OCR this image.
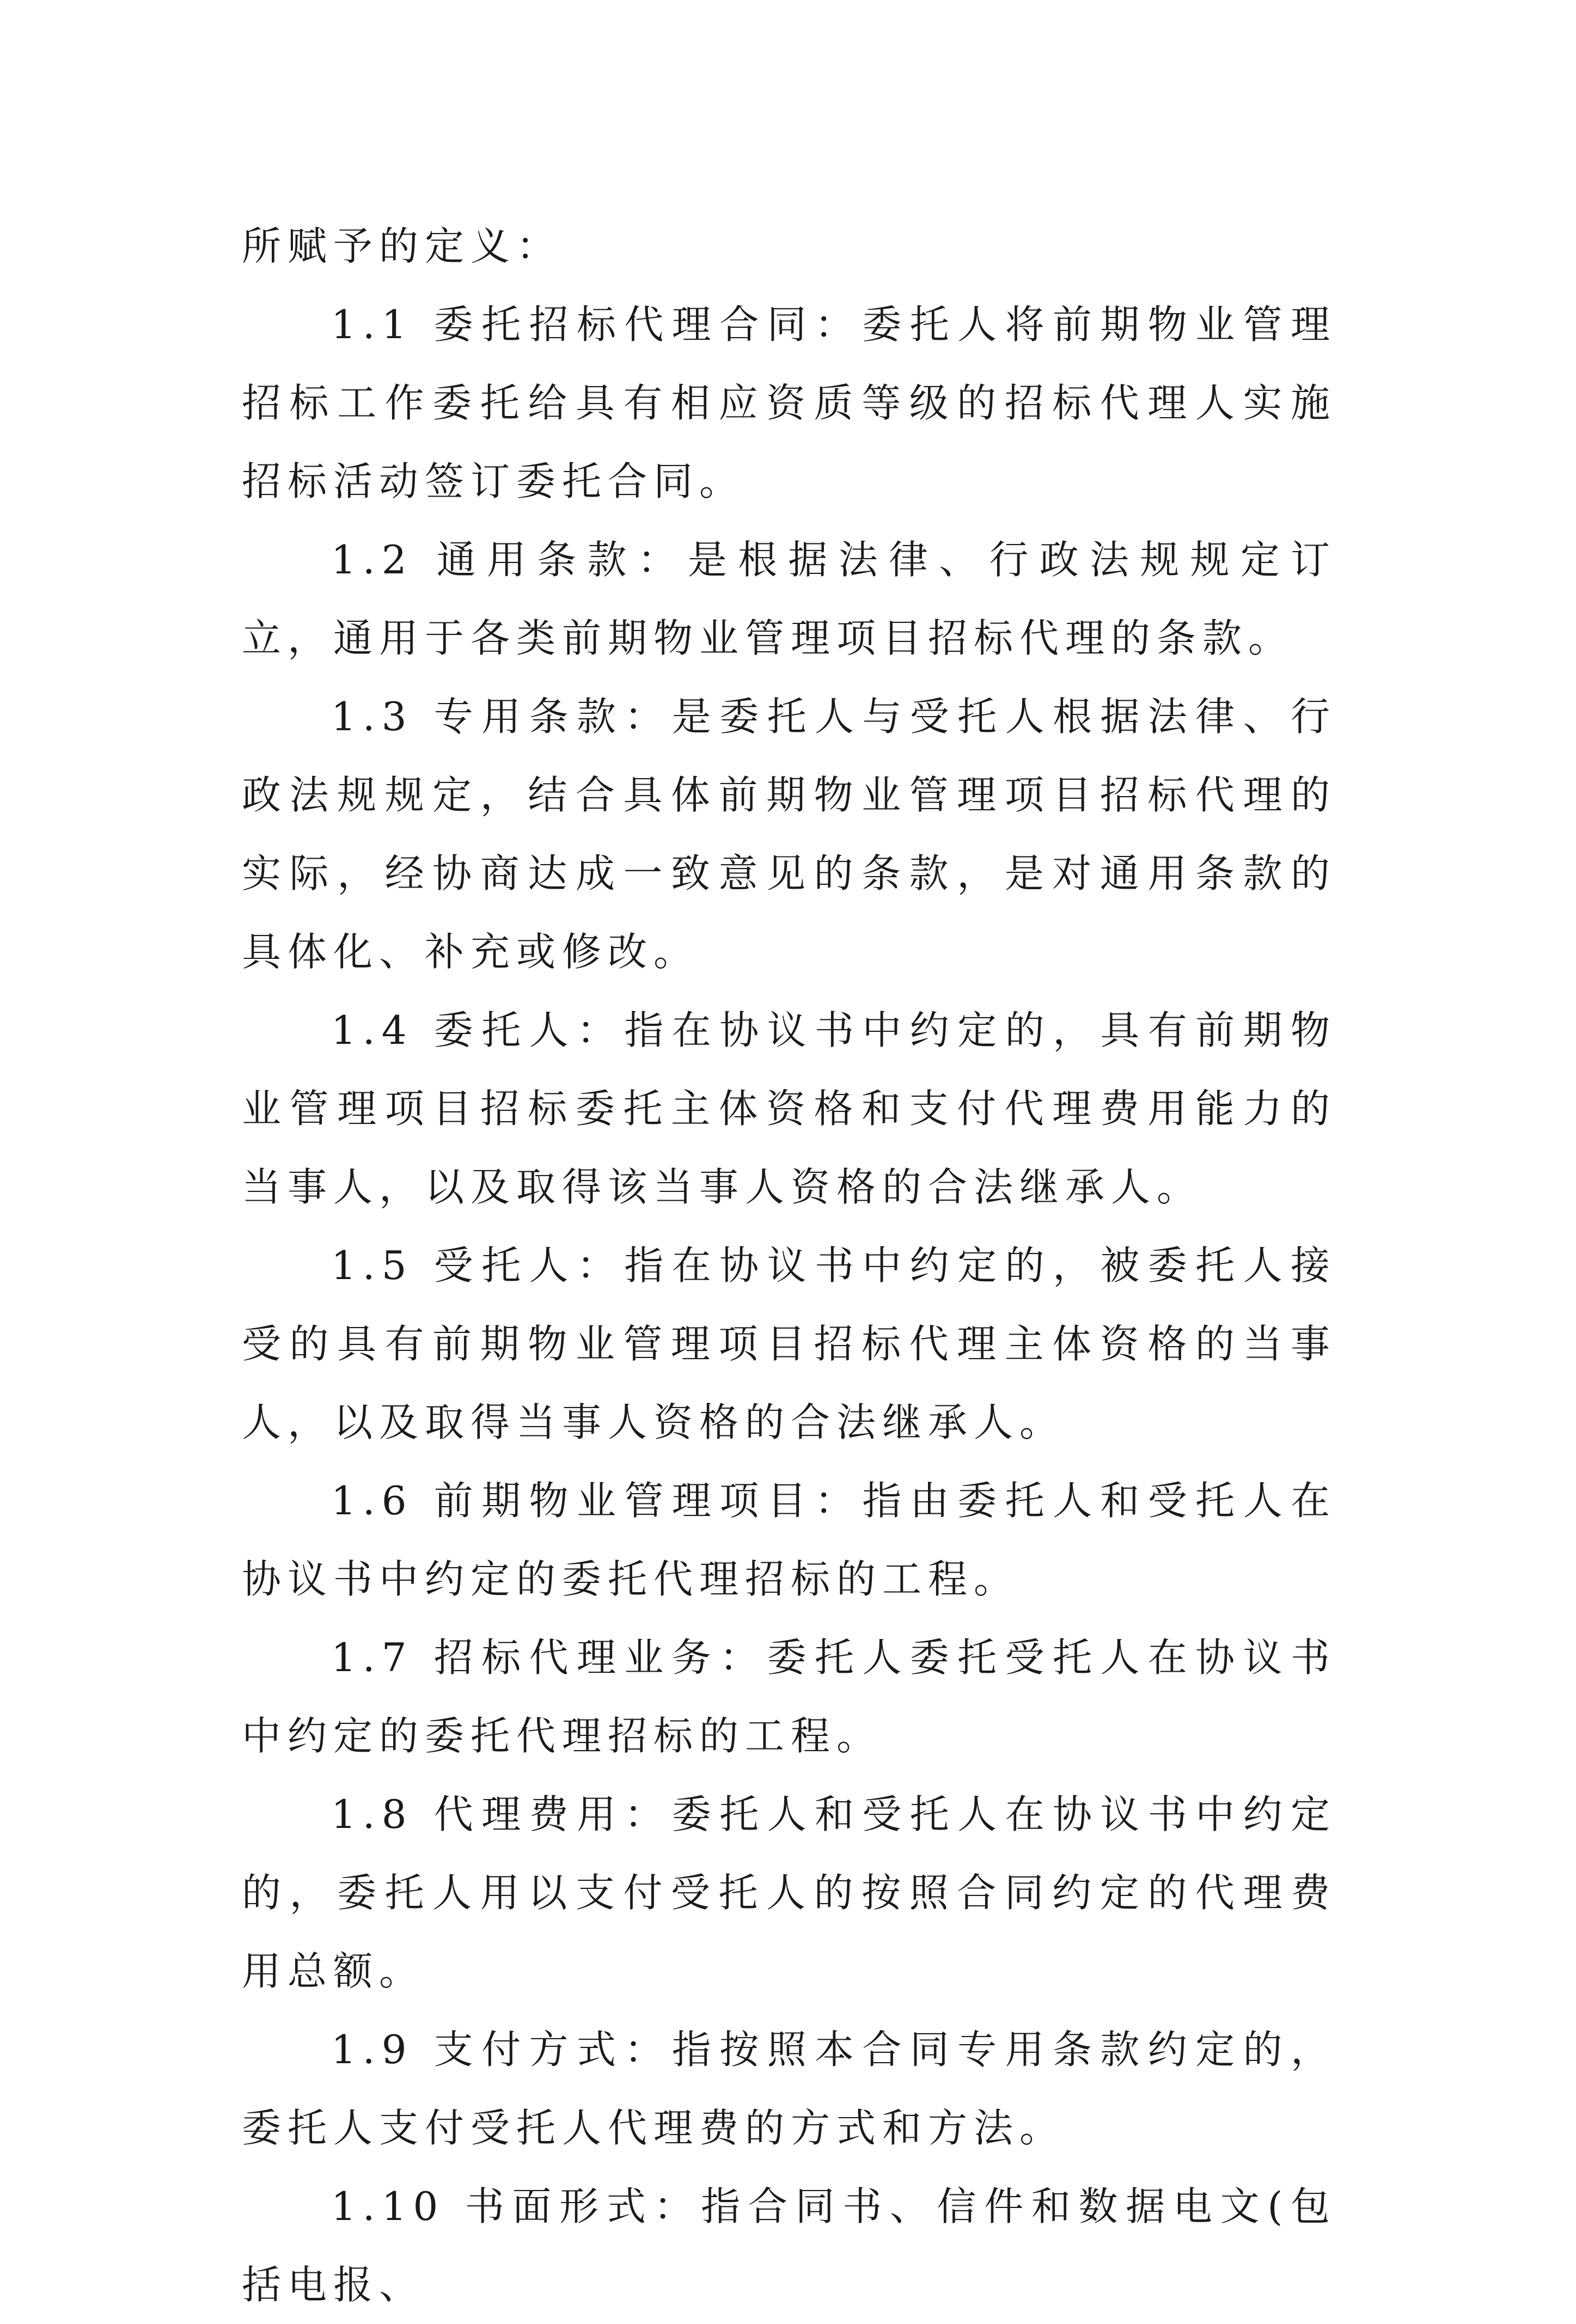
所赋予的定义：

1.1 委托招标代理合同：委托人将前期物业管理招标工作委托给具有相应资质等级的招标代理人实施招标活动签订委托合同。

1.2 通用条款：是根据法律、行政法规规定订立，通用于各类前期物业管理项目招标代理的条款。

1.3 专用条款：是委托人与受托人根据法律、行政法规规定，结合具体前期物业管理项目招标代理的实际，经协商达成一致意见的条款，是对通用条款的具体化、补充或修改。

1.4 委托人：指在协议书中约定的，具有前期物业管理项目招标委托主体资格和支付代理费用能力的当事人，以及取得该当事人资格的合法继承人。

1.5 受托人：指在协议书中约定的，被委托人接受的具有前期物业管理项目招标代理主体资格的当事人，以及取得当事人资格的合法继承人。

1.6 前期物业管理项目：指由委托人和受托人在协议书中约定的委托代理招标的工程。

1.7 招标代理业务：委托人委托受托人在协议书中约定的委托代理招标的工程。

1.8 代理费用：委托人和受托人在协议书中约定的，委托人用以支付受托人的按照合同约定的代理费用总额。

1.9 支付方式：指按照本合同专用条款约定的，委托人支付受托人代理费的方式和方法。

1.10 书面形式：指合同书、信件和数据电文(包括电报、
